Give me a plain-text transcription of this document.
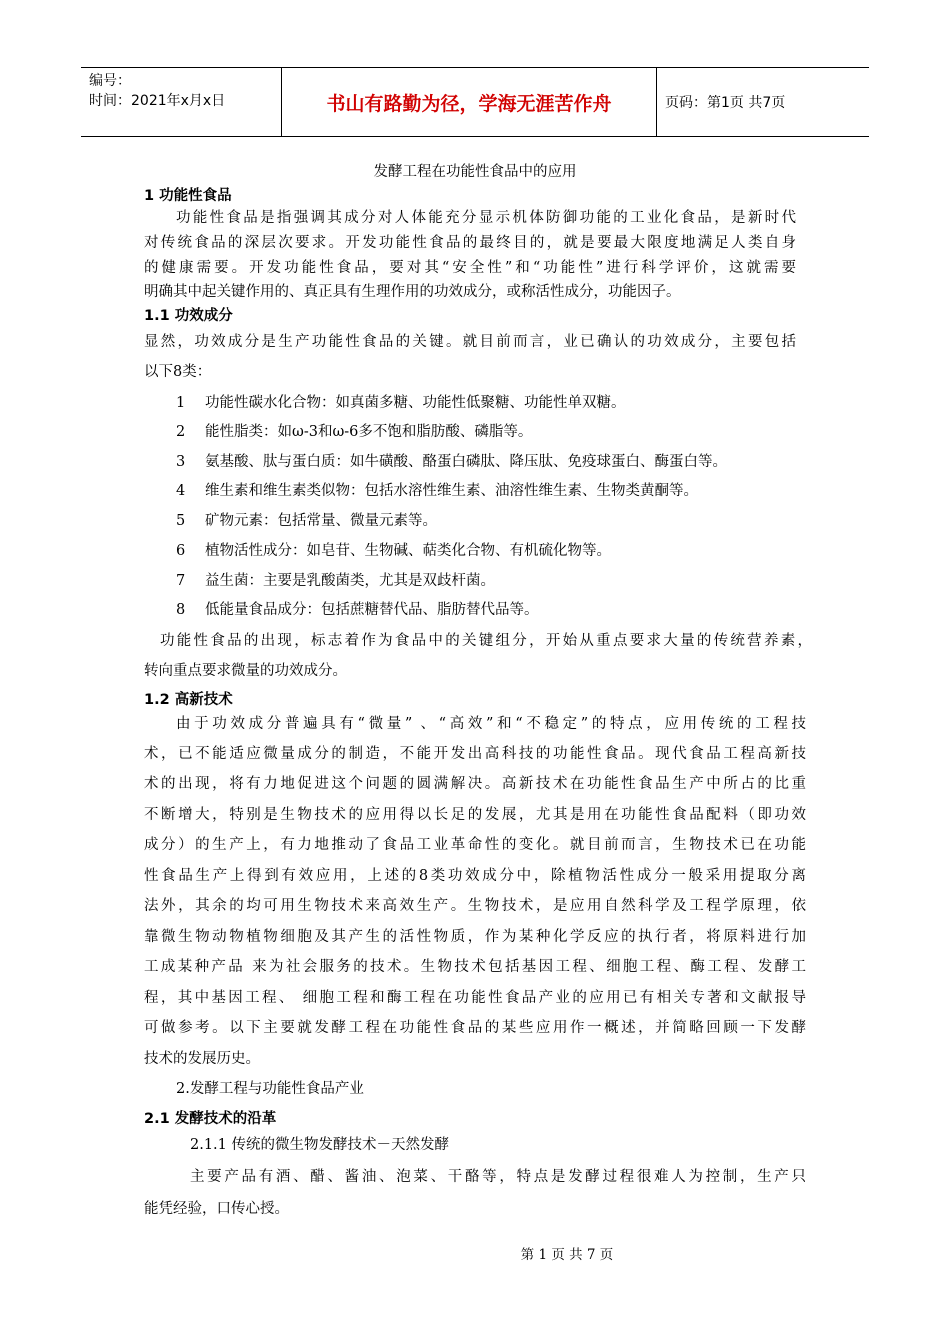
编号：
时间：2021年x月x日	书山有路勤为径，学海无涯苦作舟	页码：第1页 共7页
发酵工程在功能性食品中的应用
1 功能性食品
功能性食品是指强调其成分对人体能充分显示机体防御功能的工业化食品，是新时代
对传统食品的深层次要求。开发功能性食品的最终目的，就是要最大限度地满足人类自身
的健康需要。开发功能性食品，要对其“安全性”和“功能性”进行科学评价，这就需要
明确其中起关键作用的、真正具有生理作用的功效成分，或称活性成分，功能因子。
1.1 功效成分
显然，功效成分是生产功能性食品的关键。就目前而言，业已确认的功效成分，主要包括
以下8类：
1 功能性碳水化合物：如真菌多糖、功能性低聚糖、功能性单双糖。
2 能性脂类：如ω-3和ω-6多不饱和脂肪酸、磷脂等。
3 氨基酸、肽与蛋白质：如牛磺酸、酪蛋白磷肽、降压肽、免疫球蛋白、酶蛋白等。
4 维生素和维生素类似物：包括水溶性维生素、油溶性维生素、生物类黄酮等。
5 矿物元素：包括常量、微量元素等。
6 植物活性成分：如皂苷、生物碱、萜类化合物、有机硫化物等。
7 益生菌：主要是乳酸菌类，尤其是双歧杆菌。
8 低能量食品成分：包括蔗糖替代品、脂肪替代品等。
功能性食品的出现，标志着作为食品中的关键组分，开始从重点要求大量的传统营养素，
转向重点要求微量的功效成分。
1.2 高新技术
由于功效成分普遍具有“微量” 、“高效”和“不稳定”的特点，应用传统的工程技
术，已不能适应微量成分的制造，不能开发出高科技的功能性食品。现代食品工程高新技
术的出现，将有力地促进这个问题的圆满解决。高新技术在功能性食品生产中所占的比重
不断增大，特别是生物技术的应用得以长足的发展，尤其是用在功能性食品配料（即功效
成分）的生产上，有力地推动了食品工业革命性的变化。就目前而言，生物技术已在功能
性食品生产上得到有效应用，上述的8类功效成分中，除植物活性成分一般采用提取分离
法外，其余的均可用生物技术来高效生产。生物技术，是应用自然科学及工程学原理，依
靠微生物动物植物细胞及其产生的活性物质，作为某种化学反应的执行者，将原料进行加
工成某种产品 来为社会服务的技术。生物技术包括基因工程、细胞工程、酶工程、发酵工
程，其中基因工程、 细胞工程和酶工程在功能性食品产业的应用已有相关专著和文献报导
可做参考。以下主要就发酵工程在功能性食品的某些应用作一概述，并简略回顾一下发酵
技术的发展历史。
2.发酵工程与功能性食品产业
2.1 发酵技术的沿革
2.1.1 传统的微生物发酵技术－天然发酵
主要产品有酒、醋、酱油、泡菜、干酪等，特点是发酵过程很难人为控制，生产只
能凭经验，口传心授。
第 1 页 共 7 页
